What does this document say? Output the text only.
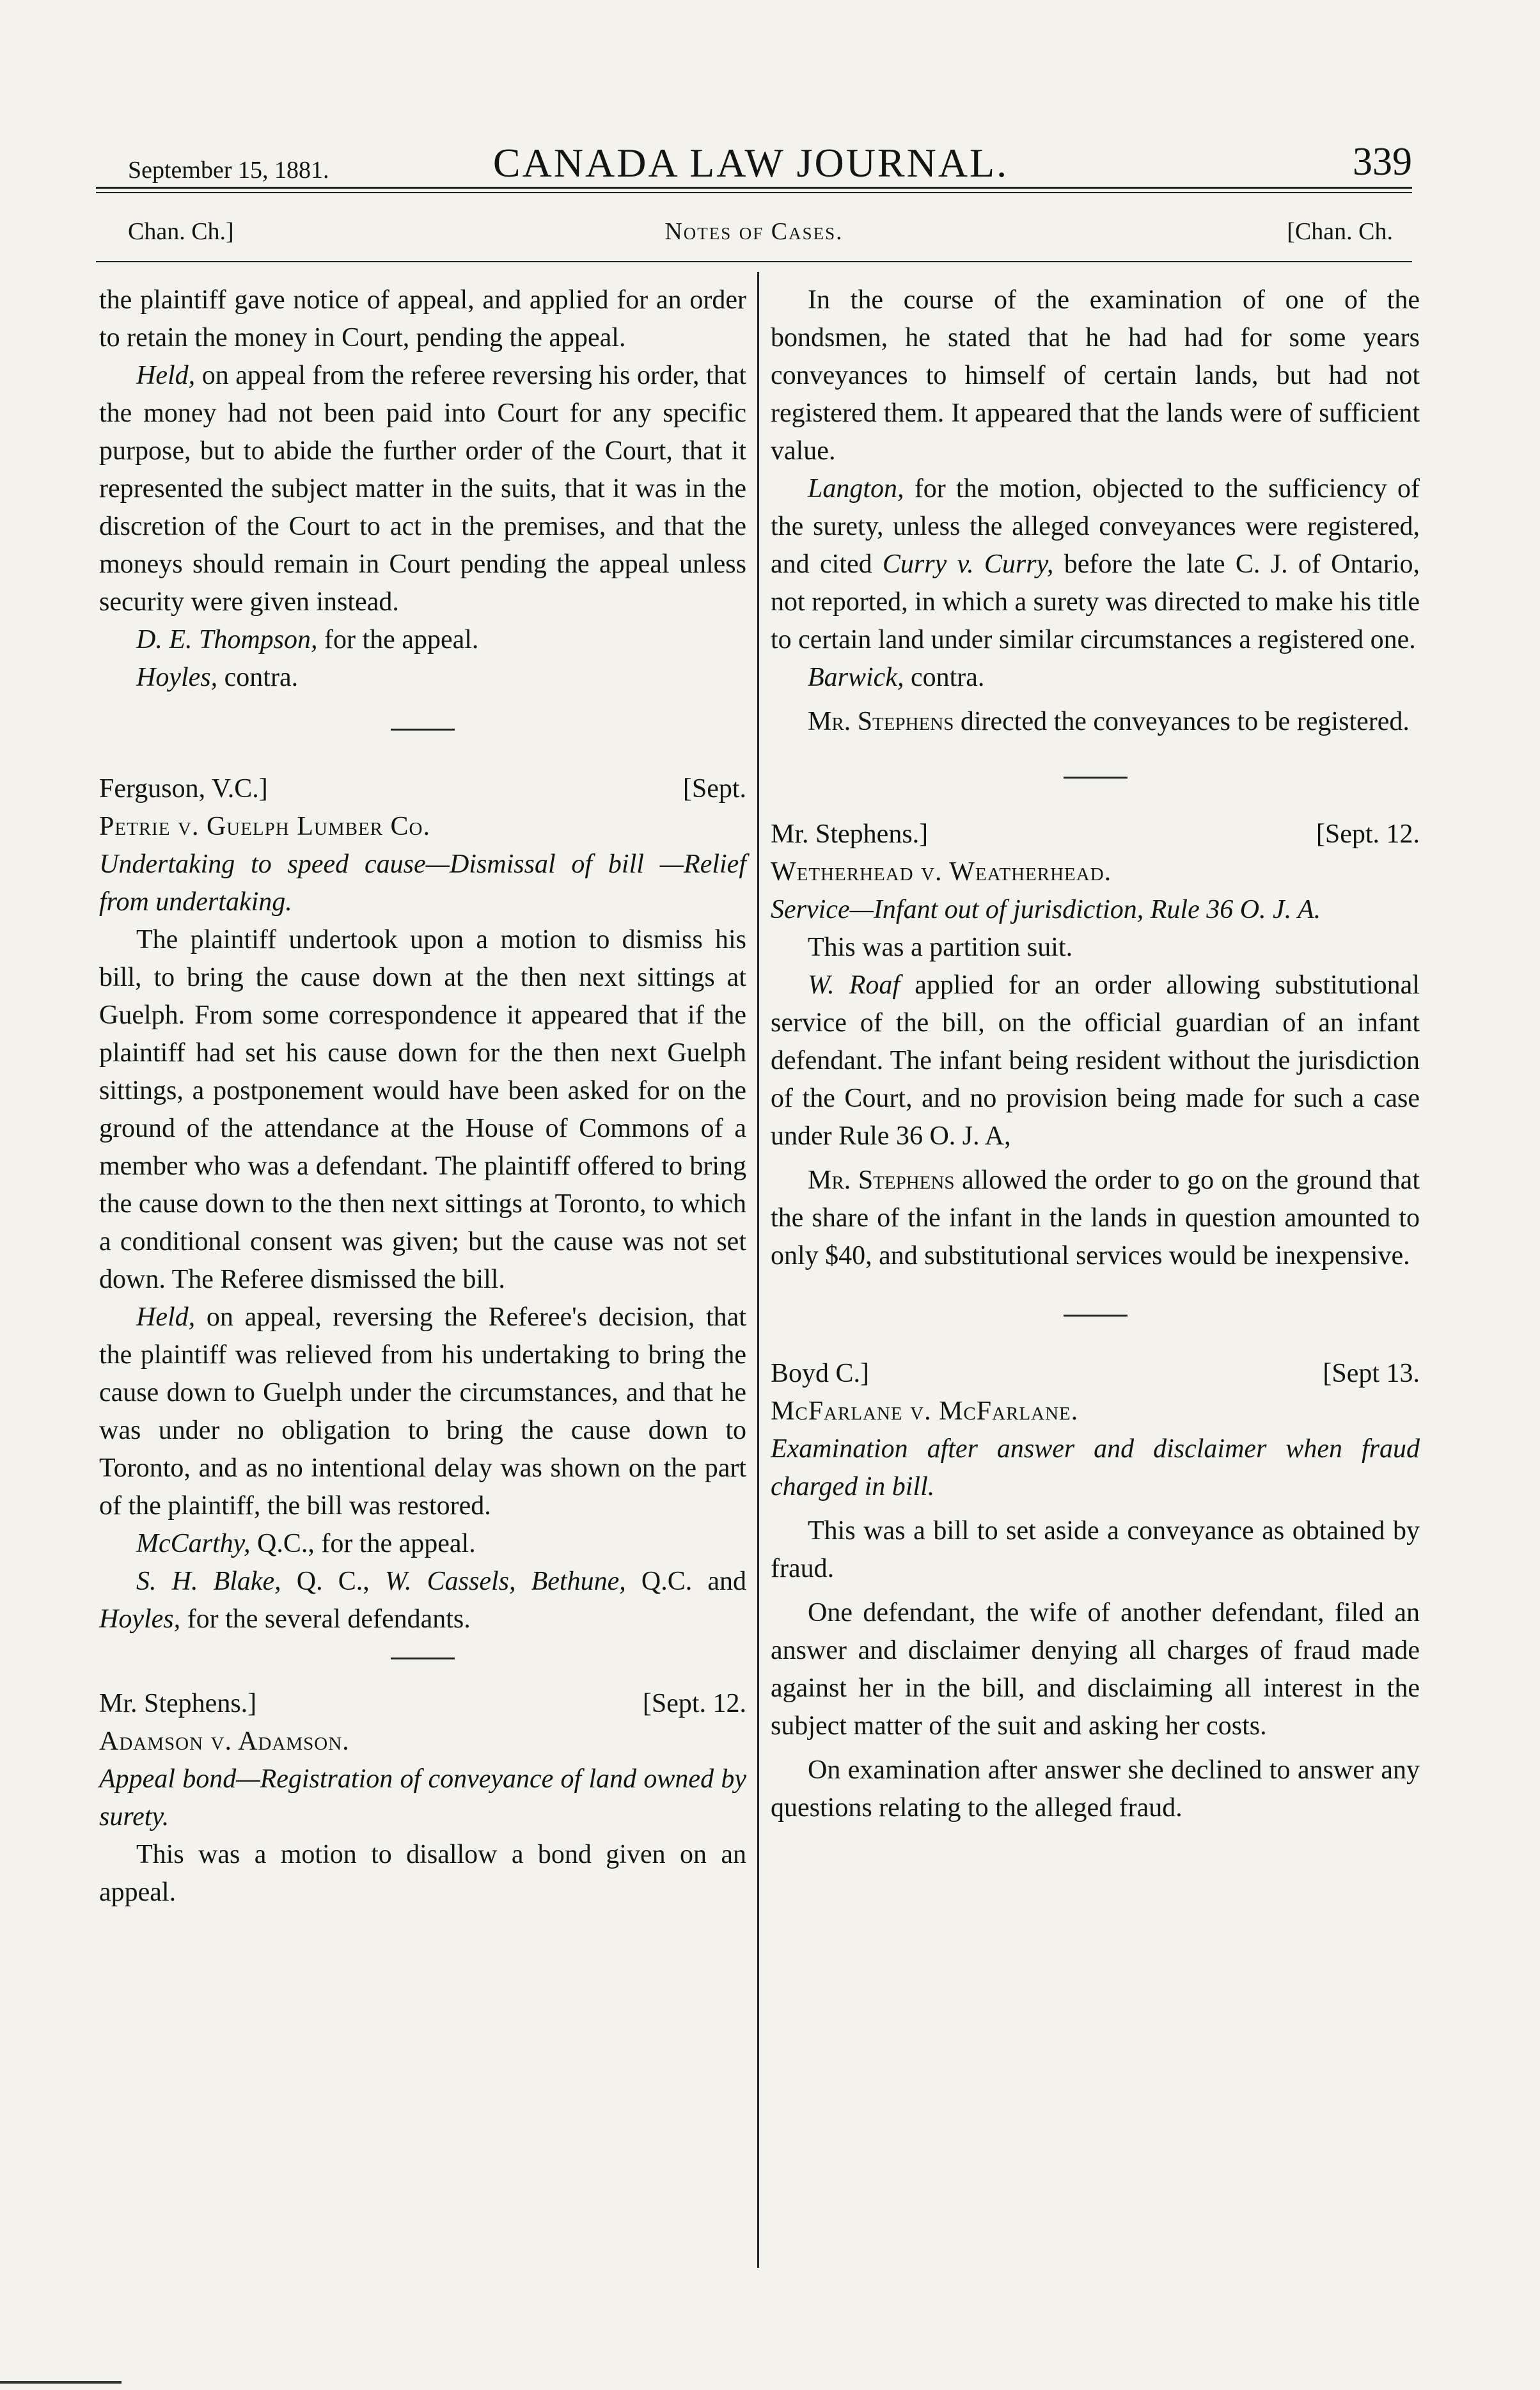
September 15, 1881.	CANADA LAW JOURNAL.	339
Chan. Ch.]	Notes of Cases.	[Chan. Ch.

the plaintiff gave notice of appeal, and applied for an order to retain the money in Court, pending the appeal.

Held, on appeal from the referee reversing his order, that the money had not been paid into Court for any specific purpose, but to abide the further order of the Court, that it represented the subject matter in the suits, that it was in the discretion of the Court to act in the premises, and that the moneys should remain in Court pending the appeal unless security were given instead.

D. E. Thompson, for the appeal.

Hoyles, contra.

Ferguson, V.C.]	[Sept.

Petrie v. Guelph Lumber Co.

Undertaking to speed cause—Dismissal of bill —Relief from undertaking.

The plaintiff undertook upon a motion to dismiss his bill, to bring the cause down at the then next sittings at Guelph. From some correspondence it appeared that if the plaintiff had set his cause down for the then next Guelph sittings, a postponement would have been asked for on the ground of the attendance at the House of Commons of a member who was a defendant. The plaintiff offered to bring the cause down to the then next sittings at Toronto, to which a conditional consent was given; but the cause was not set down. The Referee dismissed the bill.

Held, on appeal, reversing the Referee's decision, that the plaintiff was relieved from his undertaking to bring the cause down to Guelph under the circumstances, and that he was under no obligation to bring the cause down to Toronto, and as no intentional delay was shown on the part of the plaintiff, the bill was restored.

McCarthy, Q.C., for the appeal.

S. H. Blake, Q. C., W. Cassels, Bethune, Q.C. and Hoyles, for the several defendants.

Mr. Stephens.]	[Sept. 12.

Adamson v. Adamson.

Appeal bond—Registration of conveyance of land owned by surety.

This was a motion to disallow a bond given on an appeal.

In the course of the examination of one of the bondsmen, he stated that he had had for some years conveyances to himself of certain lands, but had not registered them. It appeared that the lands were of sufficient value.

Langton, for the motion, objected to the sufficiency of the surety, unless the alleged conveyances were registered, and cited Curry v. Curry, before the late C. J. of Ontario, not reported, in which a surety was directed to make his title to certain land under similar circumstances a registered one.

Barwick, contra.

Mr. Stephens directed the conveyances to be registered.

Mr. Stephens.]	[Sept. 12.

Wetherhead v. Weatherhead.

Service—Infant out of jurisdiction, Rule 36 O. J. A.

This was a partition suit.

W. Roaf applied for an order allowing substitutional service of the bill, on the official guardian of an infant defendant. The infant being resident without the jurisdiction of the Court, and no provision being made for such a case under Rule 36 O. J. A,

Mr. Stephens allowed the order to go on the ground that the share of the infant in the lands in question amounted to only $40, and substitutional services would be inexpensive.

Boyd C.]	[Sept 13.

McFarlane v. McFarlane.

Examination after answer and disclaimer when fraud charged in bill.

This was a bill to set aside a conveyance as obtained by fraud.

One defendant, the wife of another defendant, filed an answer and disclaimer denying all charges of fraud made against her in the bill, and disclaiming all interest in the subject matter of the suit and asking her costs.

On examination after answer she declined to answer any questions relating to the alleged fraud.
